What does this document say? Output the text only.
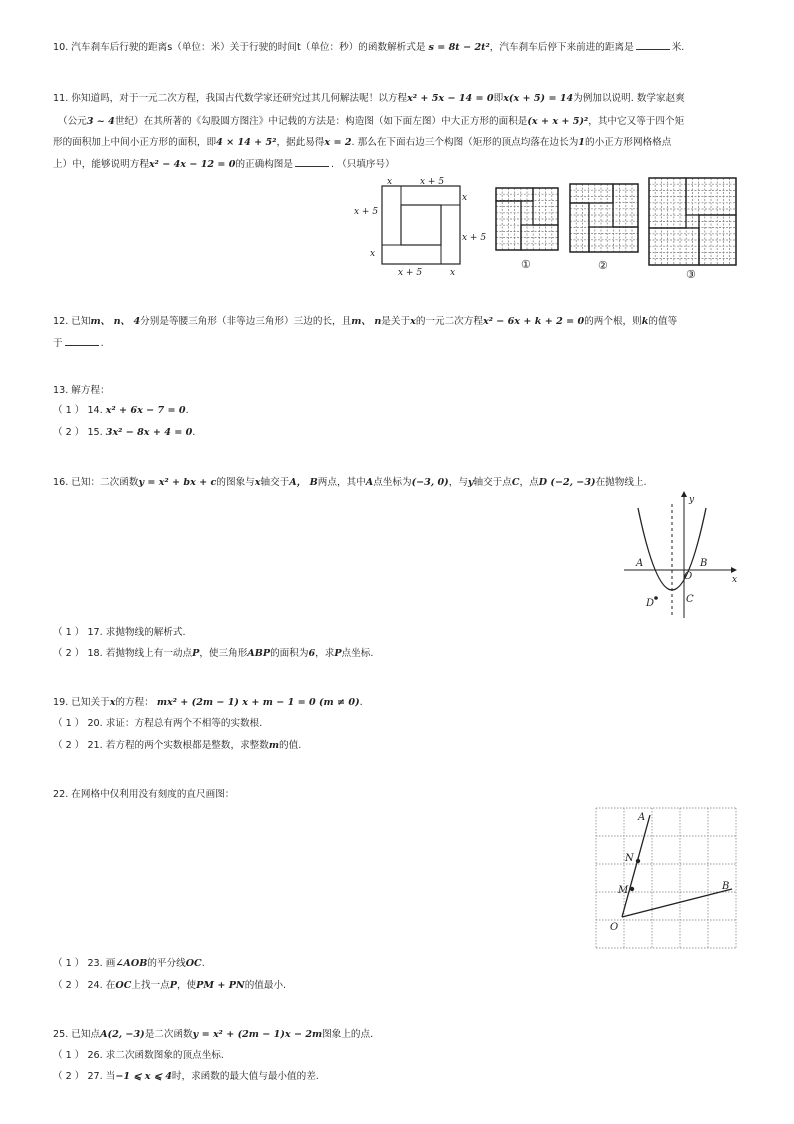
10. 汽车刹车后行驶的距离s（单位：米）关于行驶的时间t（单位：秒）的函数解析式是 s = 8t − 2t²，汽车刹车后停下来前进的距离是	米.
11. 你知道吗，对于一元二次方程，我国古代数学家还研究过其几何解法呢！以方程x² + 5x − 14 = 0即x(x + 5) = 14为例加以说明. 数学家赵爽
（公元3 ~ 4世纪）在其所著的《勾股圆方图注》中记载的方法是：构造图（如下面左图）中大正方形的面积是(x + x + 5)²，其中它又等于四个矩
形的面积加上中间小正方形的面积，即4 × 14 + 5²，据此易得x = 2. 那么在下面右边三个构图（矩形的顶点均落在边长为1的小正方形网格格点
上）中，能够说明方程x² − 4x − 12 = 0的正确构图是	. （只填序号）
x	x + 5
x
x + 5
x + 5
x
x + 5	x
①	②
③
12. 已知m、 n、 4分别是等腰三角形（非等边三角形）三边的长，且m、 n是关于x的一元二次方程x² − 6x + k + 2 = 0的两个根，则k的值等
于	.
13. 解方程：
（ 1 ） 14. x² + 6x − 7 = 0.
（ 2 ） 15. 3x² − 8x + 4 = 0.
16. 已知：二次函数y = x² + bx + c的图象与x轴交于A， B两点，其中A点坐标为(−3, 0)，与y轴交于点C，点D (−2, −3)在抛物线上.
y
x
A	B
O
C
D
（ 1 ） 17. 求抛物线的解析式.
（ 2 ） 18. 若抛物线上有一动点P，使三角形ABP的面积为6，求P点坐标.
19. 已知关于x的方程： mx² + (2m − 1) x + m − 1 = 0 (m ≠ 0).
（ 1 ） 20. 求证：方程总有两个不相等的实数根.
（ 2 ） 21. 若方程的两个实数根都是整数，求整数m的值.
22. 在网格中仅利用没有刻度的直尺画图：
A
N
M
O
B
（ 1 ） 23. 画∠AOB的平分线OC.
（ 2 ） 24. 在OC上找一点P，使PM + PN的值最小.
25. 已知点A(2, −3)是二次函数y = x² + (2m − 1)x − 2m图象上的点.
（ 1 ） 26. 求二次函数图象的顶点坐标.
（ 2 ） 27. 当−1 ⩽ x ⩽ 4时，求函数的最大值与最小值的差.
